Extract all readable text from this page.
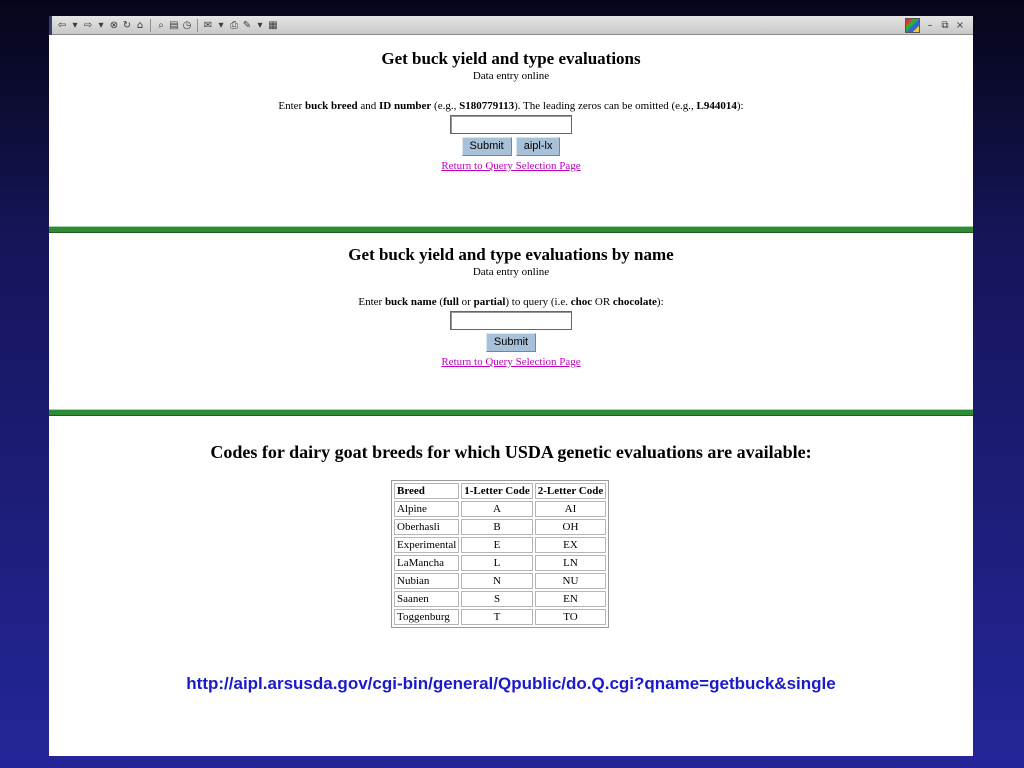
⇦ ▾ ⇨ ▾ ⊗ ↻ ⌂ ⌕ ▤ ◷ ✉ ▾ ⎙ ✎ ▾ ▦	– ⧉ ×
Get buck yield and type evaluations
Data entry online
Enter buck breed and ID number (e.g., S180779113). The leading zeros can be omitted (e.g., L944014):
Submit	aipl-lx
Return to Query Selection Page
Get buck yield and type evaluations by name
Data entry online
Enter buck name (full or partial) to query (i.e. choc OR chocolate):
Submit
Return to Query Selection Page
Codes for dairy goat breeds for which USDA genetic evaluations are available:
Breed	1-Letter Code	2-Letter Code
Alpine	A	AI
Oberhasli	B	OH
Experimental	E	EX
LaMancha	L	LN
Nubian	N	NU
Saanen	S	EN
Toggenburg	T	TO
http://aipl.arsusda.gov/cgi-bin/general/Qpublic/do.Q.cgi?qname=getbuck&single
